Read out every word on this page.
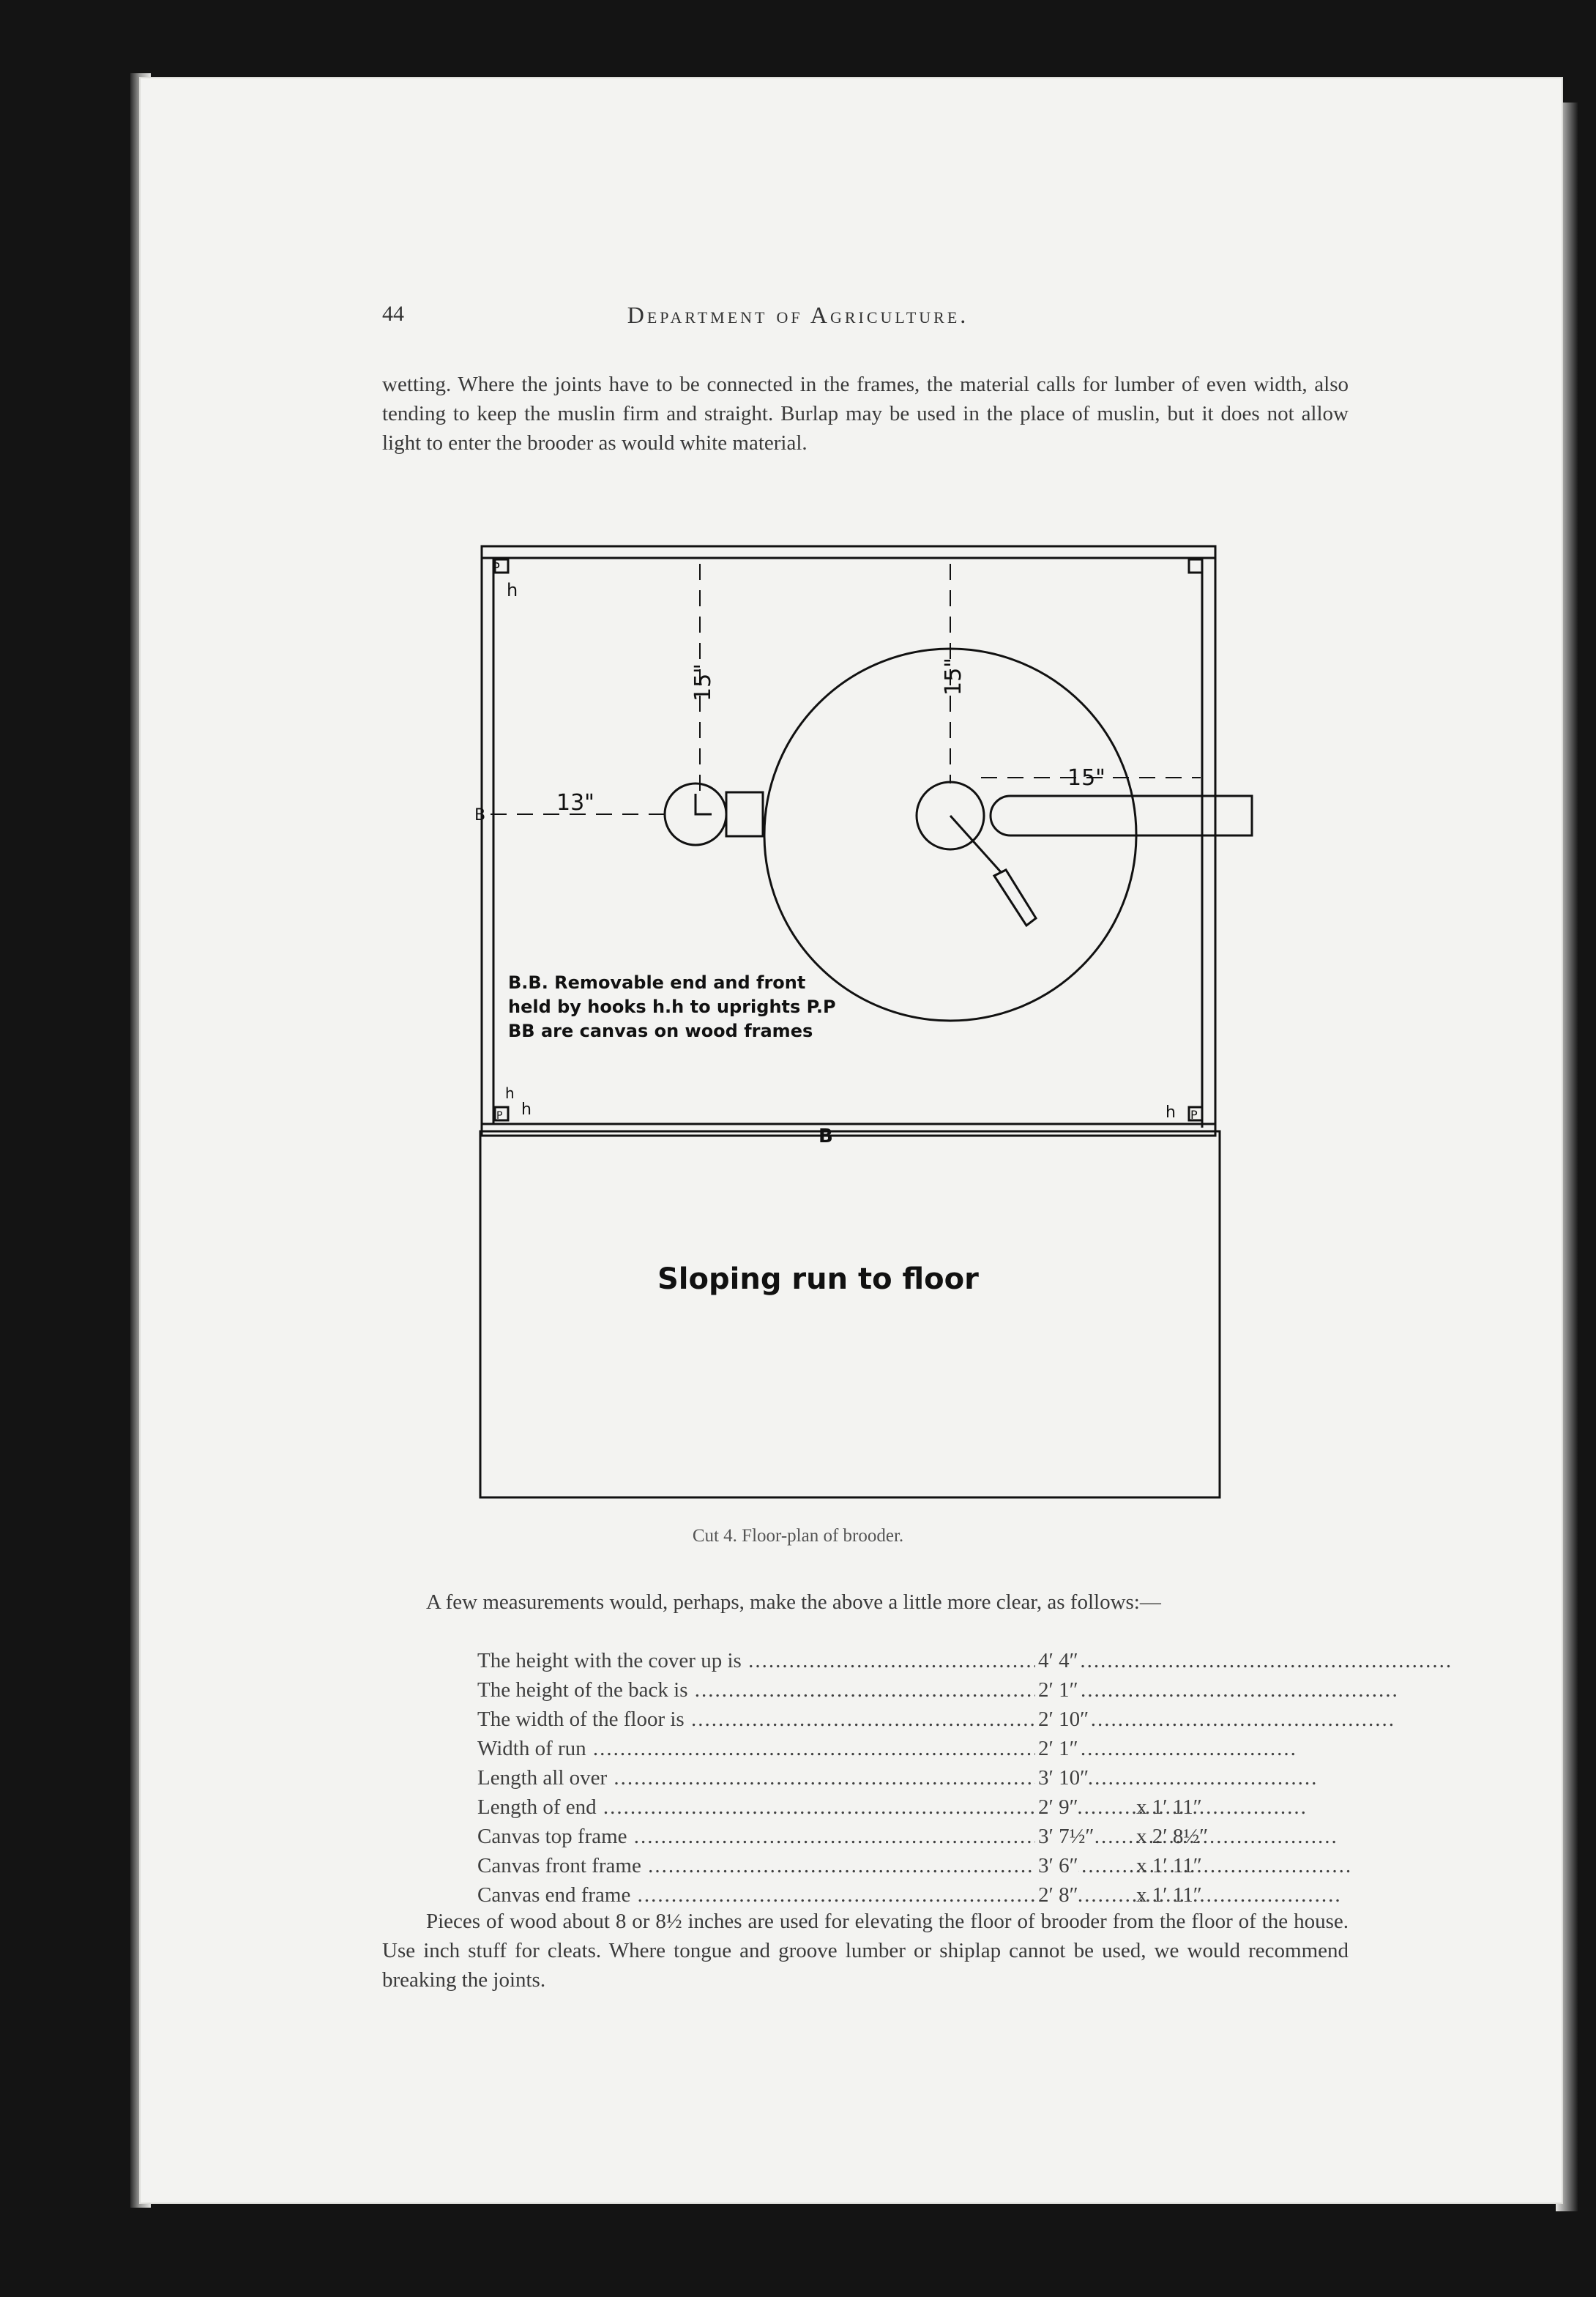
44	Department of Agriculture.
wetting. Where the joints have to be connected in the frames, the material calls for lumber of even width, also tending to keep the muslin firm and straight. Burlap may be used in the place of muslin, but it does not allow light to enter the brooder as would white material.
P
h
15"	15"
15"
13"
B
B.B. Removable end and front
held by hooks h.h to uprights P.P
BB are canvas on wood frames
h
P h
B
h P
Sloping run to floor
Cut 4. Floor-plan of brooder.
A few measurements would, perhaps, make the above a little more clear, as follows:—
The height with the cover up is .....	4′ 4″
The height of the back is .....	2′ 1″
The width of the floor is .....	2′ 10″
Width of run .....	2′ 1″
Length all over .....	3′ 10″
Length of end .....	2′ 9″	x 1′ 11″
Canvas top frame .....	3′ 7½″ x 2′ 8½″
Canvas front frame .....	3′ 6″	x 1′ 11″
Canvas end frame .....	2′ 8″	x 1′ 11″
Pieces of wood about 8 or 8½ inches are used for elevating the floor of brooder from the floor of the house. Use inch stuff for cleats. Where tongue and groove lumber or shiplap cannot be used, we would recommend breaking the joints.
